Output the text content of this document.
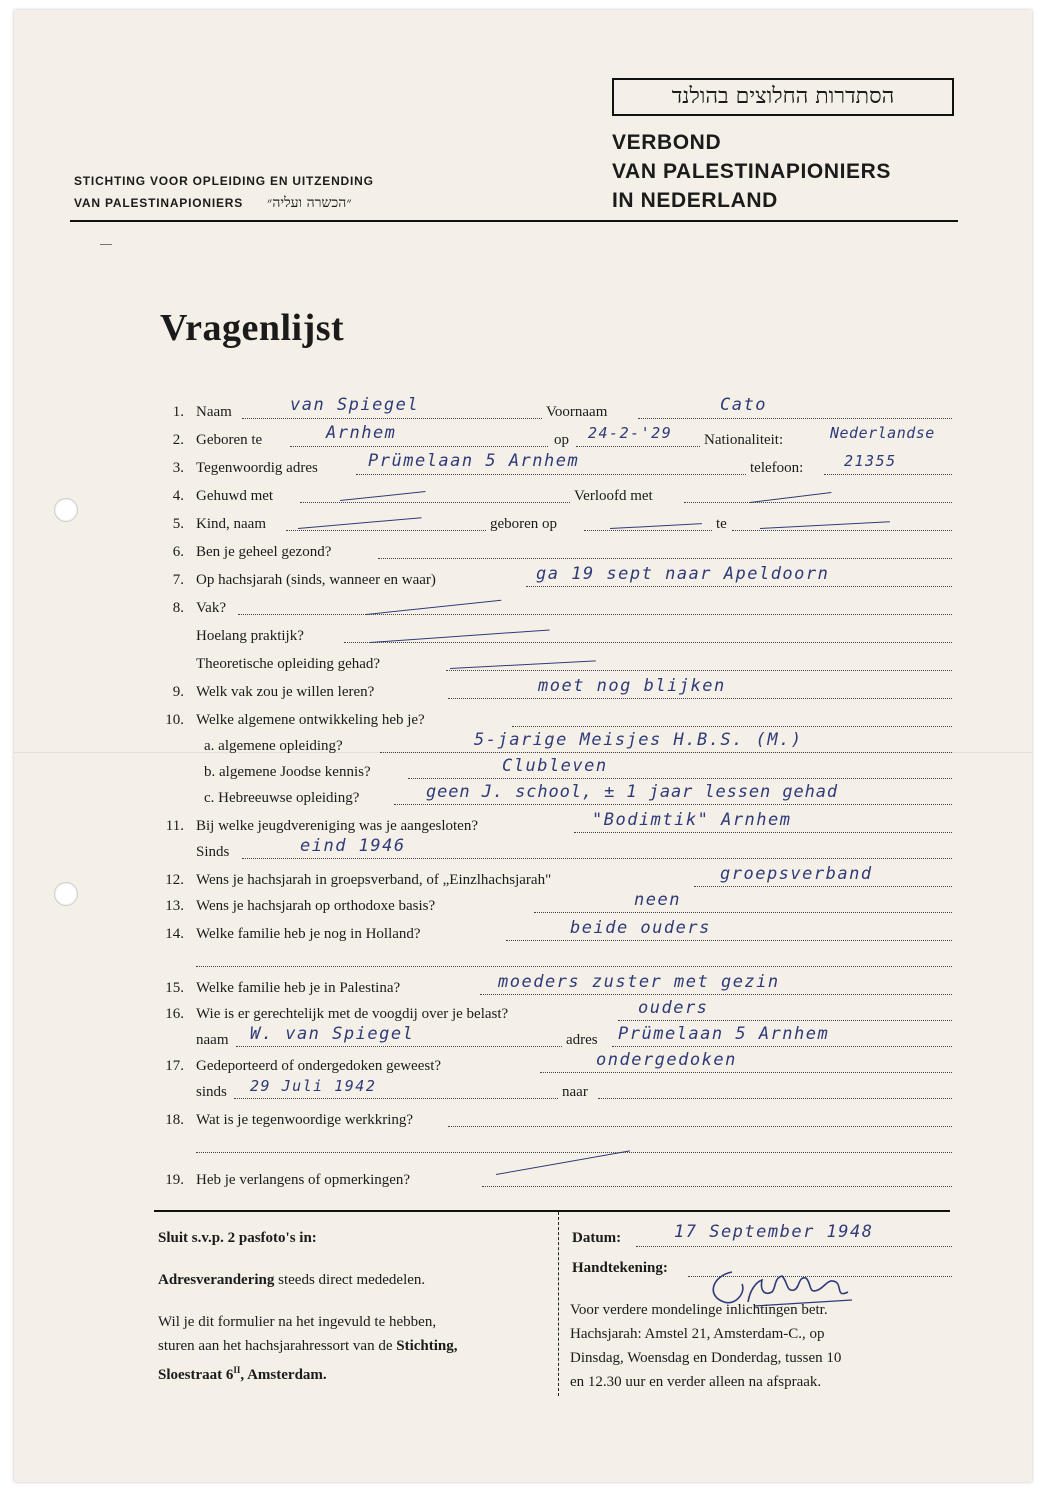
STICHTING VOOR OPLEIDING EN UITZENDING
VAN PALESTINAPIONIERS ״הכשרה ועליה״
הסתדרות החלוצים בהולנד
VERBOND
VAN PALESTINAPIONIERS
IN NEDERLAND
Vragenlijst
1. Naam	van Spiegel	Voornaam	Cato
2. Geboren te	Arnhem	op 24-2-'29 Nationaliteit:	Nederlandse
3. Tegenwoordig adres	Prümelaan 5 Arnhem	telefoon:	21355
4. Gehuwd met	Verloofd met
5. Kind, naam	geboren op	te
6. Ben je geheel gezond?
7. Op hachsjarah (sinds, wanneer en waar)	ga 19 sept naar Apeldoorn
8. Vak?
Hoelang praktijk?
Theoretische opleiding gehad?
9. Welk vak zou je willen leren?	moet nog blijken
10. Welke algemene ontwikkeling heb je?
a. algemene opleiding?	5-jarige Meisjes H.B.S. (M.)
b. algemene Joodse kennis?	Clubleven
c. Hebreeuwse opleiding?	geen J. school, ± 1 jaar lessen gehad
11. Bij welke jeugdvereniging was je aangesloten?	"Bodimtik" Arnhem
Sinds	eind 1946
12. Wens je hachsjarah in groepsverband, of „Einzlhachsjarah"	groepsverband
13. Wens je hachsjarah op orthodoxe basis?	neen
14. Welke familie heb je nog in Holland?	beide ouders
15. Welke familie heb je in Palestina?	moeders zuster met gezin
16. Wie is er gerechtelijk met de voogdij over je belast?	ouders
naam W. van Spiegel	adres Prümelaan 5 Arnhem
17. Gedeporteerd of ondergedoken geweest?	ondergedoken
sinds 29 Juli 1942	naar
18. Wat is je tegenwoordige werkkring?
19. Heb je verlangens of opmerkingen?
Sluit s.v.p. 2 pasfoto's in:
Adresverandering steeds direct mededelen.
Wil je dit formulier na het ingevuld te hebben,
sturen aan het hachsjarahressort van de Stichting,
Sloestraat $6^{II}$, Amsterdam.
Datum:	17 September 1948
Handtekening:
Voor verdere mondelinge inlichtingen betr.
Hachsjarah: Amstel 21, Amsterdam-C., op
Dinsdag, Woensdag en Donderdag, tussen 10
en 12.30 uur en verder alleen na afspraak.
